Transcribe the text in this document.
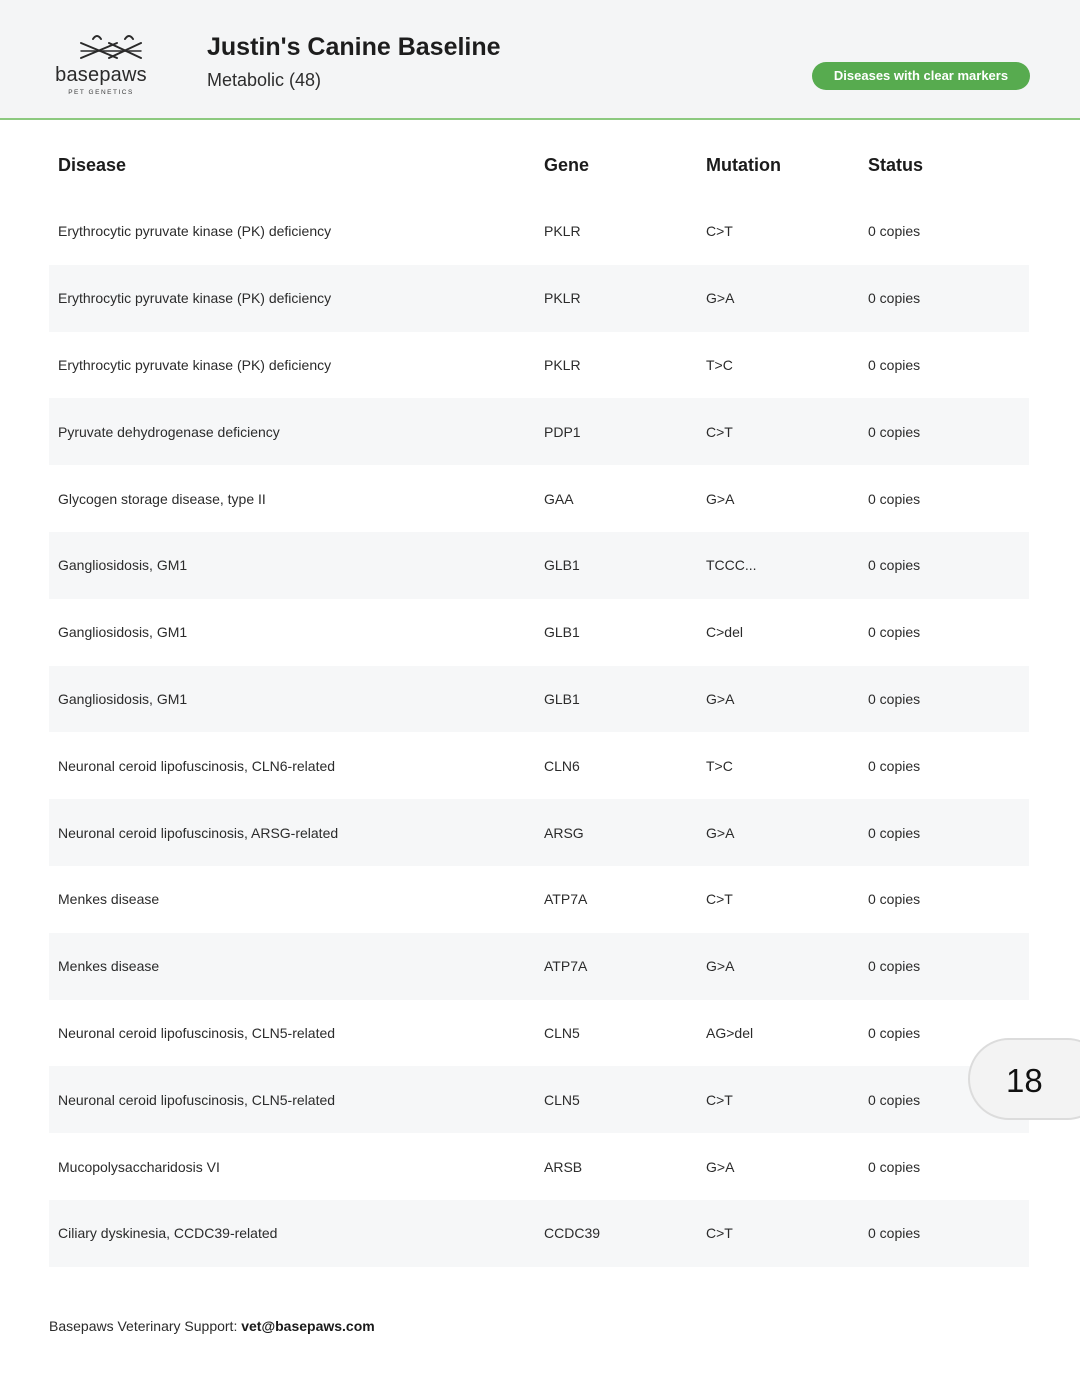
basepaws
PET GENETICS
Justin's Canine Baseline
Metabolic (48)	Diseases with clear markers
Disease	Gene	Mutation	Status
Erythrocytic pyruvate kinase (PK) deficiency	PKLR	C>T	0 copies
Erythrocytic pyruvate kinase (PK) deficiency	PKLR	G>A	0 copies
Erythrocytic pyruvate kinase (PK) deficiency	PKLR	T>C	0 copies
Pyruvate dehydrogenase deficiency	PDP1	C>T	0 copies
Glycogen storage disease, type II	GAA	G>A	0 copies
Gangliosidosis, GM1	GLB1	TCCC...	0 copies
Gangliosidosis, GM1	GLB1	C>del	0 copies
Gangliosidosis, GM1	GLB1	G>A	0 copies
Neuronal ceroid lipofuscinosis, CLN6-related	CLN6	T>C	0 copies
Neuronal ceroid lipofuscinosis, ARSG-related	ARSG	G>A	0 copies
Menkes disease	ATP7A	C>T	0 copies
Menkes disease	ATP7A	G>A	0 copies
Neuronal ceroid lipofuscinosis, CLN5-related	CLN5	AG>del	0 copies
Neuronal ceroid lipofuscinosis, CLN5-related	CLN5	C>T	0 copies
Mucopolysaccharidosis VI	ARSB	G>A	0 copies
Ciliary dyskinesia, CCDC39-related	CCDC39	C>T	0 copies
Basepaws Veterinary Support: vet@basepaws.com
18
